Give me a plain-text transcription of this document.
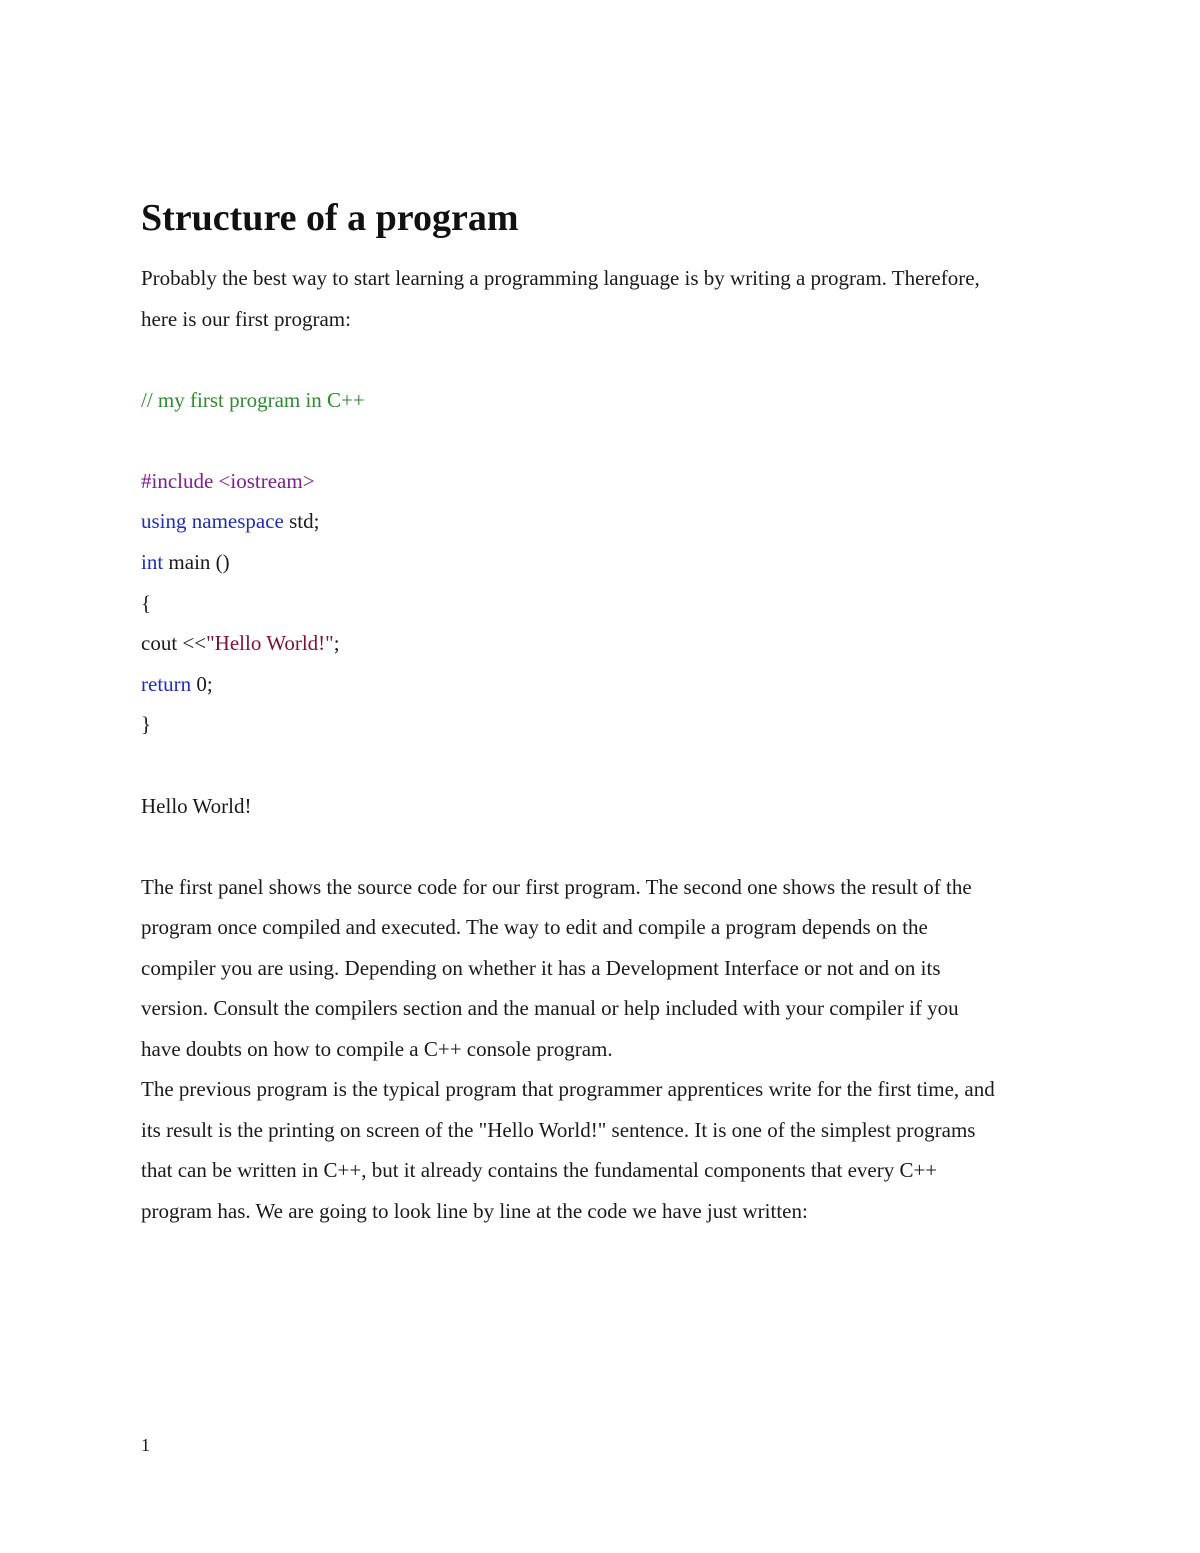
Structure of a program
Probably the best way to start learning a programming language is by writing a program. Therefore,
here is our first program:
// my first program in C++
#include <iostream>
using namespace std;
int main ()
{
cout <<"Hello World!";
return 0;
}
Hello World!
The first panel shows the source code for our first program. The second one shows the result of the
program once compiled and executed. The way to edit and compile a program depends on the
compiler you are using. Depending on whether it has a Development Interface or not and on its
version. Consult the compilers section and the manual or help included with your compiler if you
have doubts on how to compile a C++ console program.
The previous program is the typical program that programmer apprentices write for the first time, and
its result is the printing on screen of the "Hello World!" sentence. It is one of the simplest programs
that can be written in C++, but it already contains the fundamental components that every C++
program has. We are going to look line by line at the code we have just written:
1
